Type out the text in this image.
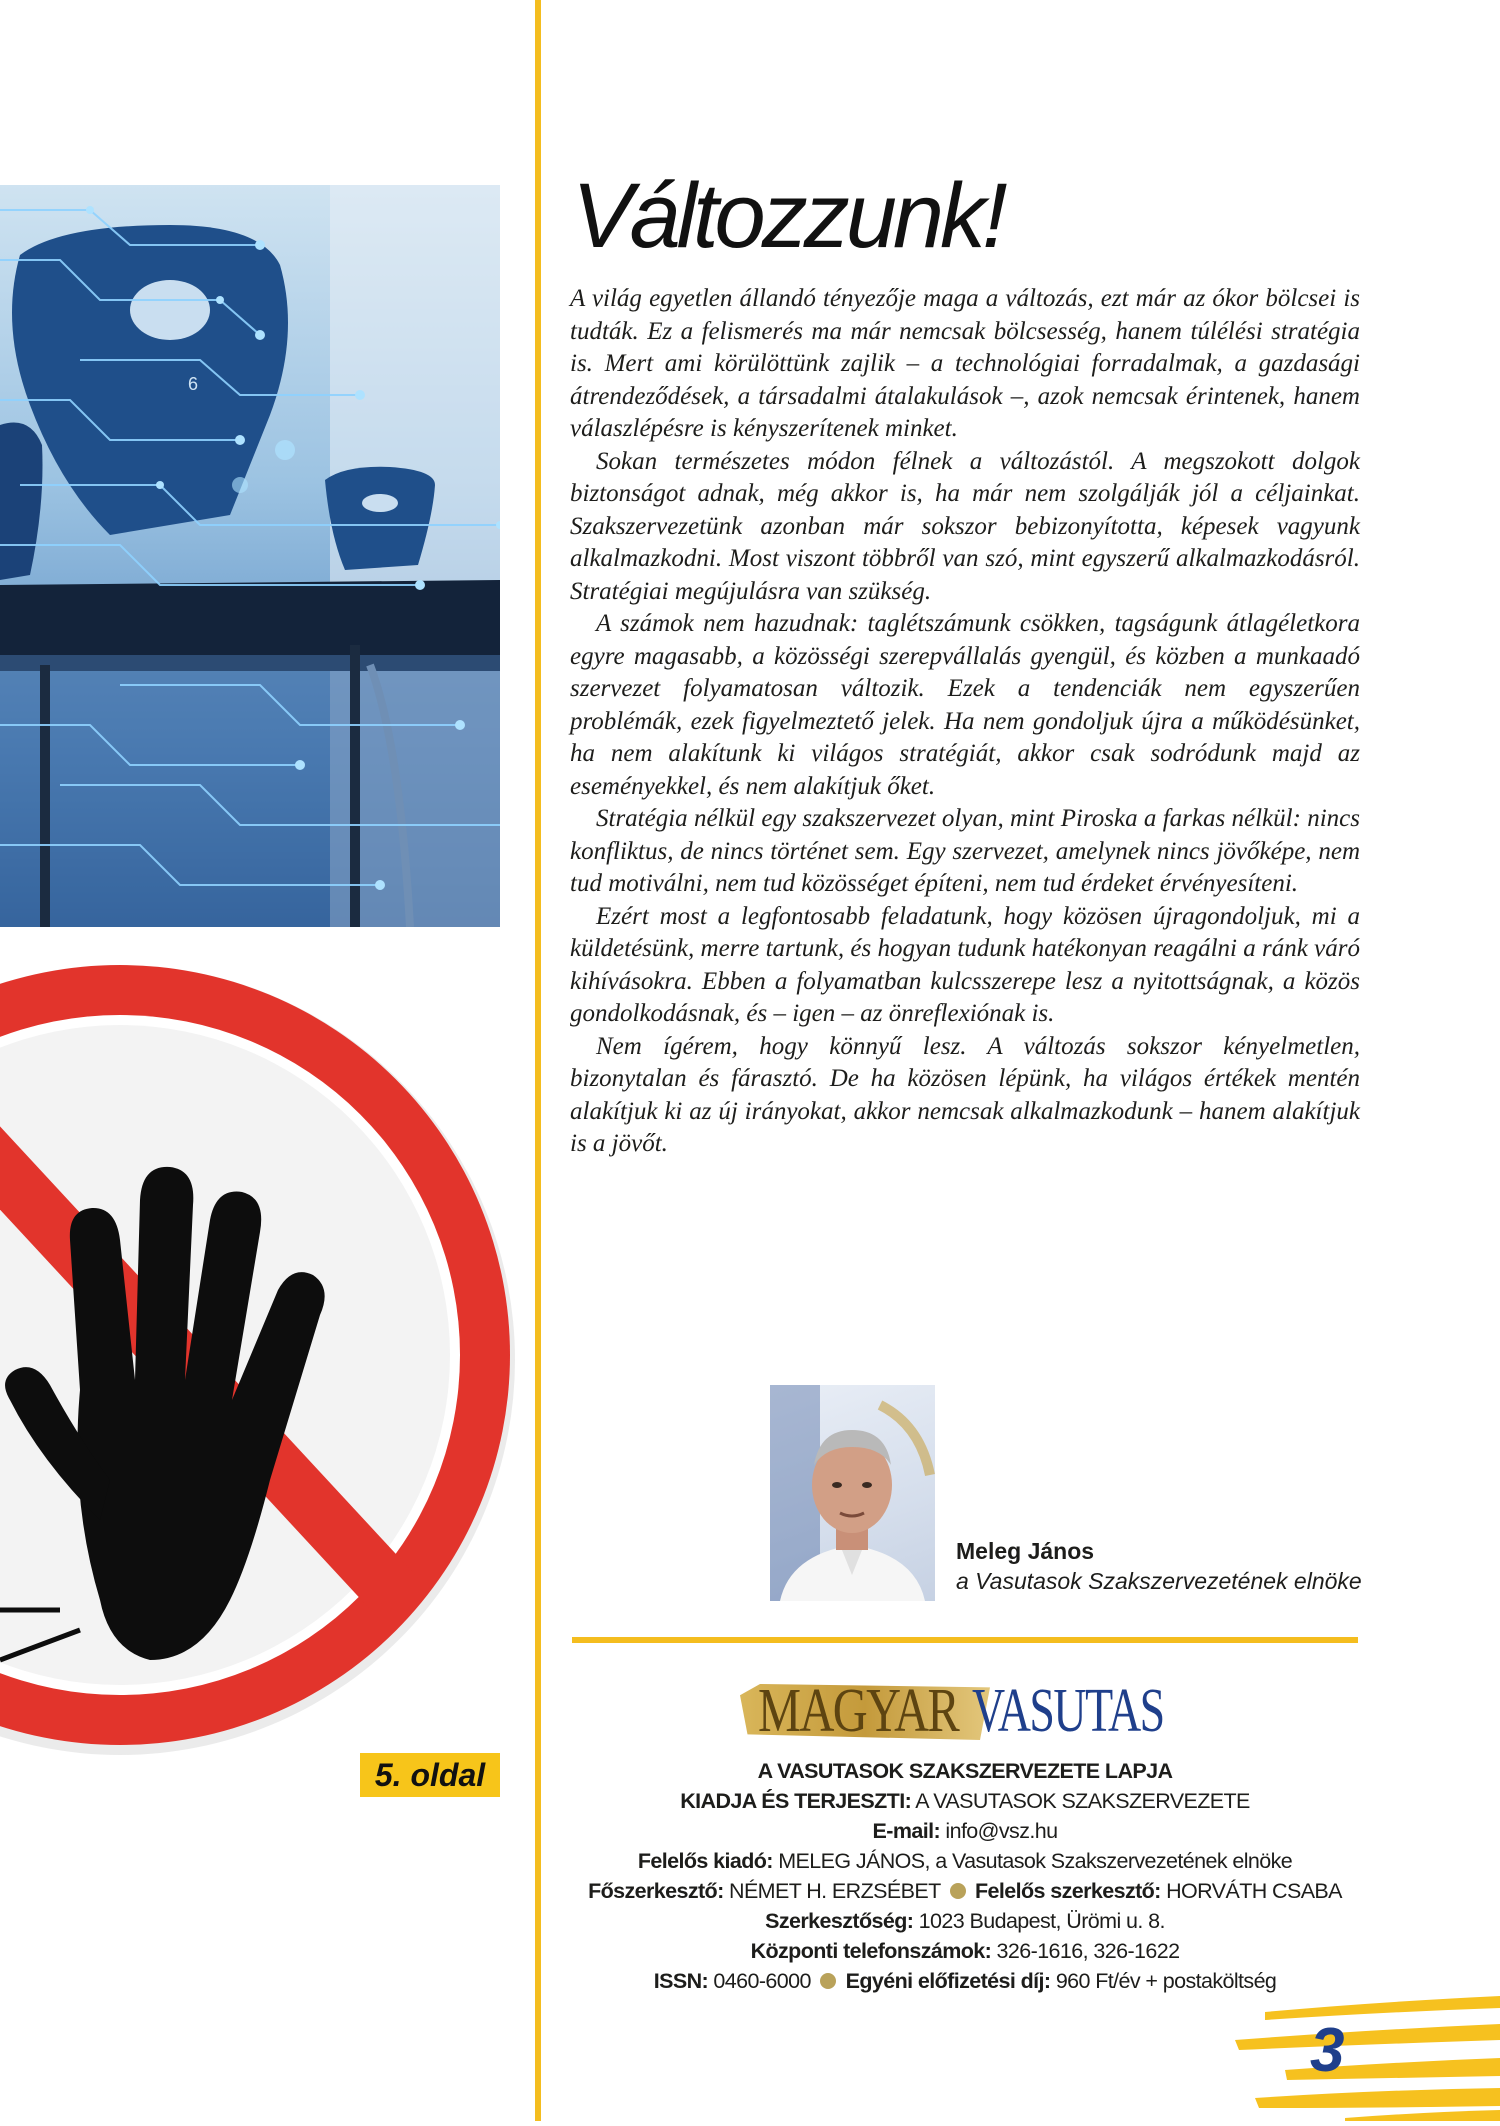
6
5. oldal
Változzunk!

A világ egyetlen állandó tényezője maga a változás, ezt már az ókor bölcsei is tudták. Ez a felismerés ma már nemcsak bölcsesség, hanem túlélési stratégia is. Mert ami körülöttünk zajlik – a technológiai forradalmak, a gazdasági átrendeződések, a társadalmi átalakulások –, azok nemcsak érintenek, hanem válaszlépésre is kényszerítenek minket.

Sokan természetes módon félnek a változástól. A megszokott dolgok biztonságot adnak, még akkor is, ha már nem szolgálják jól a céljainkat. Szakszervezetünk azonban már sokszor bebizonyította, képesek vagyunk alkalmazkodni. Most viszont többről van szó, mint egyszerű alkalmazkodásról. Stratégiai megújulásra van szükség.

A számok nem hazudnak: taglétszámunk csökken, tagságunk átlagéletkora egyre magasabb, a közösségi szerepvállalás gyengül, és közben a munkaadó szervezet folyamatosan változik. Ezek a tendenciák nem egyszerűen problémák, ezek figyelmeztető jelek. Ha nem gondoljuk újra a működésünket, ha nem alakítunk ki világos stratégiát, akkor csak sodródunk majd az eseményekkel, és nem alakítjuk őket.

Stratégia nélkül egy szakszervezet olyan, mint Piroska a farkas nélkül: nincs konfliktus, de nincs történet sem. Egy szervezet, amelynek nincs jövőképe, nem tud motiválni, nem tud közösséget építeni, nem tud érdeket érvényesíteni.

Ezért most a legfontosabb feladatunk, hogy közösen újragondoljuk, mi a küldetésünk, merre tartunk, és hogyan tudunk hatékonyan reagálni a ránk váró kihívásokra. Ebben a folyamatban kulcsszerepe lesz a nyitottságnak, a közös gondolkodásnak, és – igen – az önreflexiónak is.

Nem ígérem, hogy könnyű lesz. A változás sokszor kényelmetlen, bizonytalan és fárasztó. De ha közösen lépünk, ha világos értékek mentén alakítjuk ki az új irányokat, akkor nemcsak alkalmazkodunk – hanem alakítjuk is a jövőt.

Meleg János
a Vasutasok Szakszervezetének elnöke
MAGYAR VASUTAS
A VASUTASOK SZAKSZERVEZETE LAPJA
KIADJA ÉS TERJESZTI: A VASUTASOK SZAKSZERVEZETE
E-mail: info@vsz.hu
Felelős kiadó: MELEG JÁNOS, a Vasutasok Szakszervezetének elnöke
Főszerkesztő: NÉMET H. ERZSÉBET  Felelős szerkesztő: HORVÁTH CSABA
Szerkesztőség: 1023 Budapest, Ürömi u. 8.
Központi telefonszámok: 326-1616, 326-1622
ISSN: 0460-6000  Egyéni előfizetési díj: 960 Ft/év + postaköltség
3
